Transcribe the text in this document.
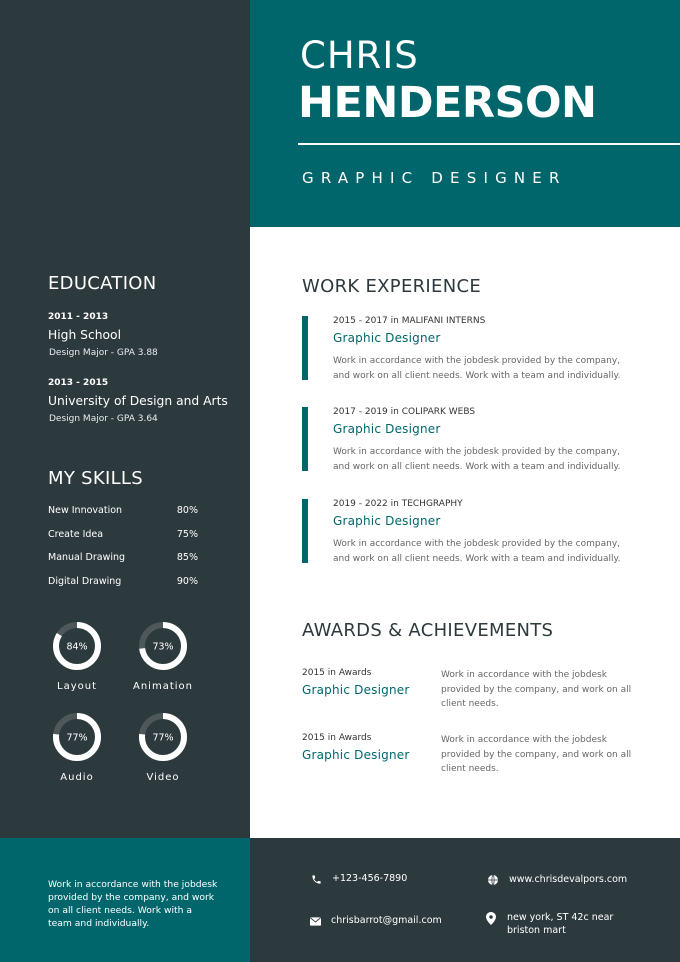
CHRIS
HENDERSON
GRAPHIC DESIGNER
EDUCATION
2011 - 2013
High School
Design Major - GPA 3.88
2013 - 2015
University of Design and Arts
Design Major - GPA 3.64
MY SKILLS
New Innovation	80%
Create Idea	75%
Manual Drawing	85%
Digital Drawing	90%
84%
Layout
73%
Animation
77%
Audio
77%
Video
WORK EXPERIENCE
2015 - 2017 in MALIFANI INTERNS
Graphic Designer
Work in accordance with the jobdesk provided by the company, and work on all client needs. Work with a team and individually.
2017 - 2019 in COLIPARK WEBS
Graphic Designer
Work in accordance with the jobdesk provided by the company, and work on all client needs. Work with a team and individually.
2019 - 2022 in TECHGRAPHY
Graphic Designer
Work in accordance with the jobdesk provided by the company, and work on all client needs. Work with a team and individually.
AWARDS & ACHIEVEMENTS
2015 in Awards
Graphic Designer
Work in accordance with the jobdesk provided by the company, and work on all client needs.
2015 in Awards
Graphic Designer
Work in accordance with the jobdesk provided by the company, and work on all client needs.
Work in accordance with the jobdesk provided by the company, and work on all client needs. Work with a team and individually.
+123-456-7890	www.chrisdevalpors.com
chrisbarrot@gmail.com	new york, ST 42c near briston mart
